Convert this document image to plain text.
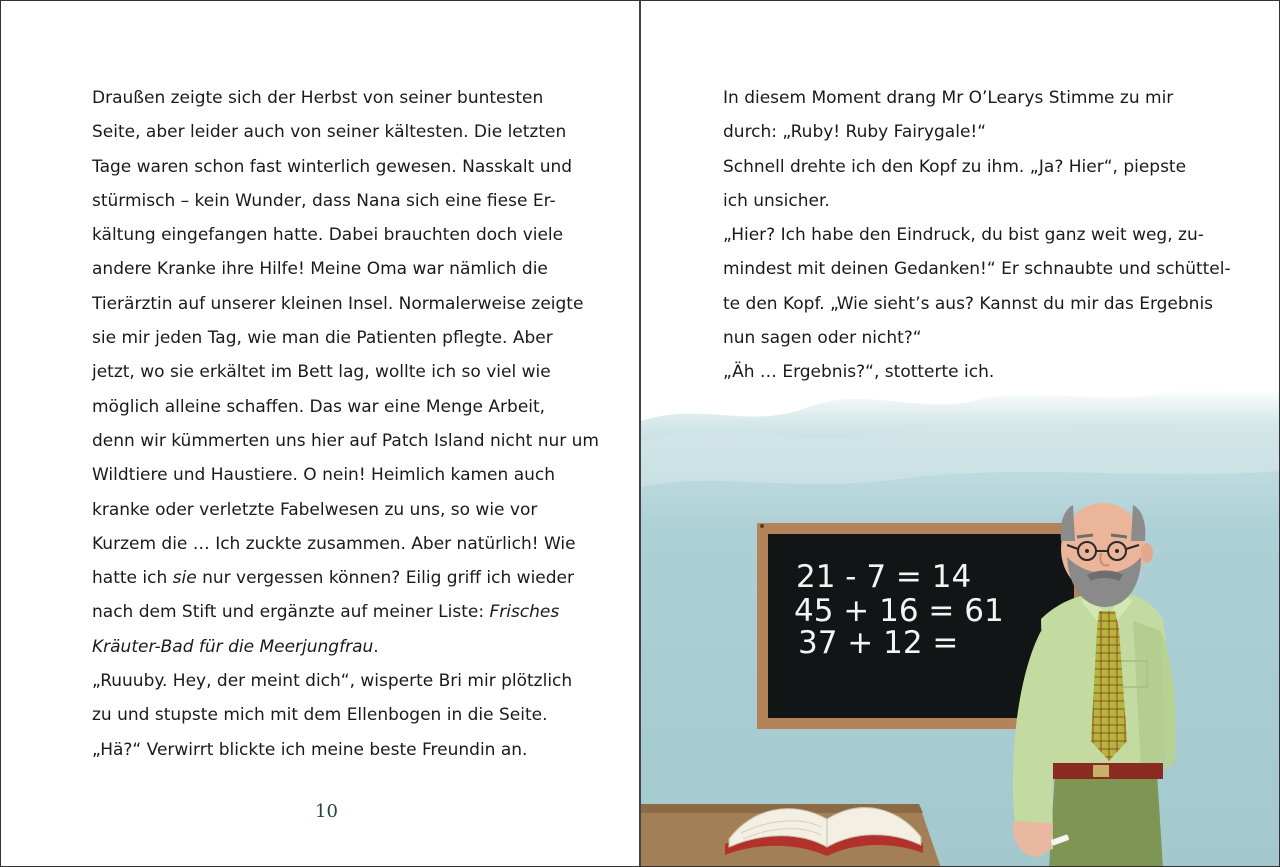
Draußen zeigte sich der Herbst von seiner buntesten
Seite, aber leider auch von seiner kältesten. Die letzten
Tage waren schon fast winterlich gewesen. Nasskalt und
stürmisch – kein Wunder, dass Nana sich eine fiese Er-
kältung eingefangen hatte. Dabei brauchten doch viele
andere Kranke ihre Hilfe! Meine Oma war nämlich die
Tierärztin auf unserer kleinen Insel. Normalerweise zeigte
sie mir jeden Tag, wie man die Patienten pflegte. Aber
jetzt, wo sie erkältet im Bett lag, wollte ich so viel wie
möglich alleine schaffen. Das war eine Menge Arbeit,
denn wir kümmerten uns hier auf Patch Island nicht nur um
Wildtiere und Haustiere. O nein! Heimlich kamen auch
kranke oder verletzte Fabelwesen zu uns, so wie vor
Kurzem die … Ich zuckte zusammen. Aber natürlich! Wie
hatte ich sie nur vergessen können? Eilig griff ich wieder
nach dem Stift und ergänzte auf meiner Liste: Frisches
Kräuter-Bad für die Meerjungfrau.
„Ruuuby. Hey, der meint dich“, wisperte Bri mir plötzlich
zu und stupste mich mit dem Ellenbogen in die Seite.
„Hä?“ Verwirrt blickte ich meine beste Freundin an.
10
21 - 7 = 14
45 + 16 = 61
37 + 12 =
In diesem Moment drang Mr O’Learys Stimme zu mir
durch: „Ruby! Ruby Fairygale!“
Schnell drehte ich den Kopf zu ihm. „Ja? Hier“, piepste
ich unsicher.
„Hier? Ich habe den Eindruck, du bist ganz weit weg, zu-
mindest mit deinen Gedanken!“ Er schnaubte und schüttel-
te den Kopf. „Wie sieht’s aus? Kannst du mir das Ergebnis
nun sagen oder nicht?“
„Äh … Ergebnis?“, stotterte ich.
